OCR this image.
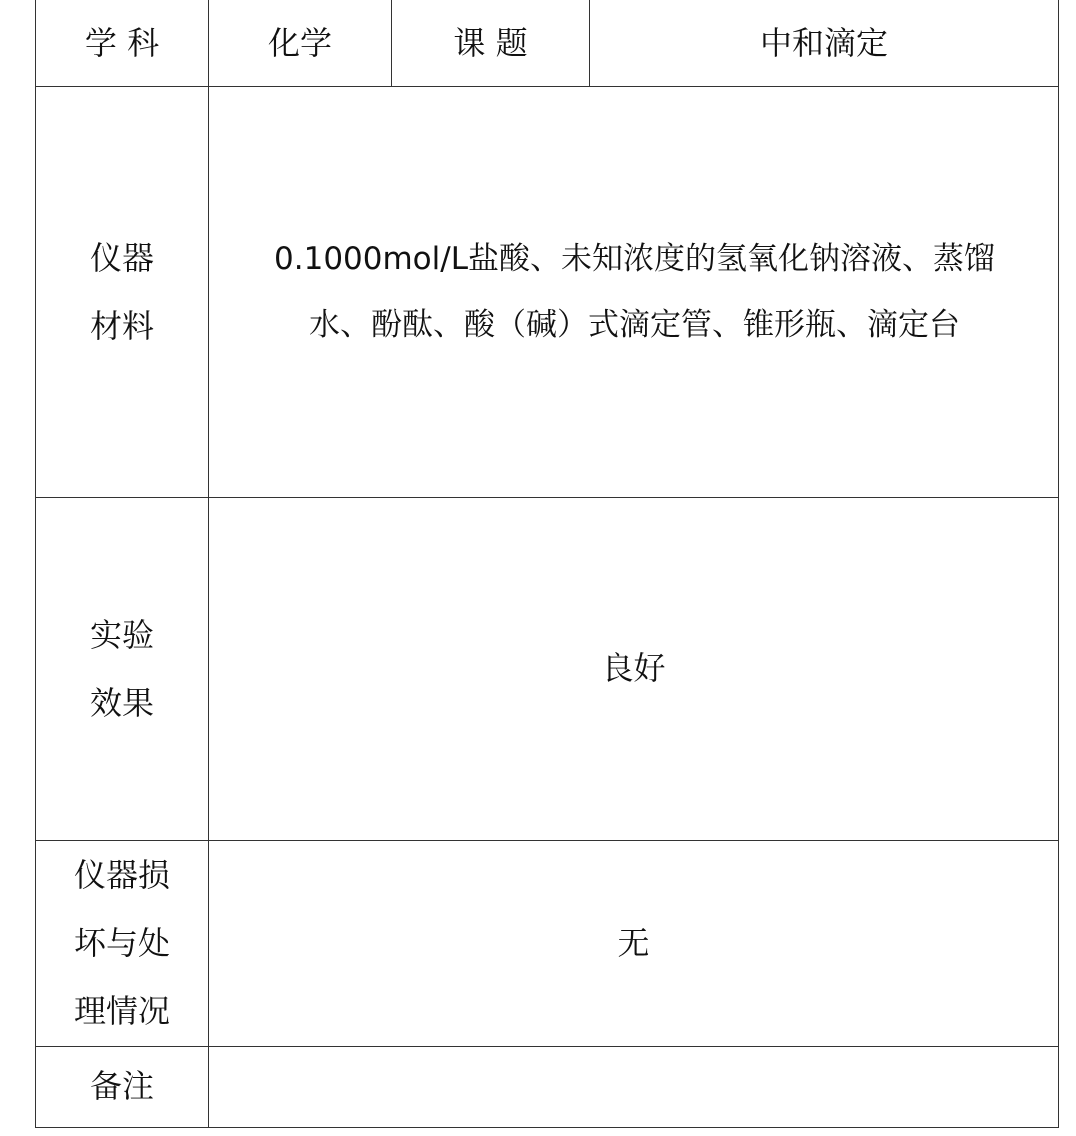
学 科	化学	课 题	中和滴定

仪器
材料	0.1000mol/L盐酸、未知浓度的氢氧化钠溶液、蒸馏
水、酚酞、酸（碱）式滴定管、锥形瓶、滴定台		

实验
效果	良好		

仪器损
坏与处
理情况	无		
备注			
